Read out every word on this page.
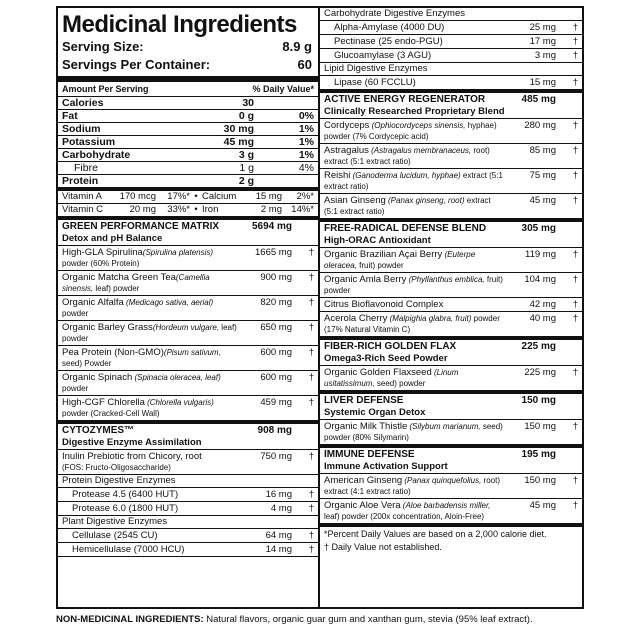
Medicinal Ingredients
Serving Size:	8.9 g
Servings Per Container:	60
Amount Per Serving	% Daily Value*
Calories	30
Fat	0 g	0%
Sodium	30 mg	1%
Potassium	45 mg	1%
Carbohydrate	3 g	1%
Fibre	1 g	4%
Protein	2 g
Vitamin A	170 mcg	17%* • Calcium	15 mg	2%*
Vitamin C	20 mg	33%* • Iron	2 mg 14%*
GREEN PERFORMANCE MATRIX	5694 mg
Detox and pH Balance
High-GLA Spirulina(Spirulina platensis) powder (60% Protein)
1665 mg	†
Organic Matcha Green Tea(Camellia sinensis, leaf) powder
900 mg	†
Organic Alfalfa (Medicago sativa, aerial) powder
820 mg	†
Organic Barley Grass(Hordeum vulgare, leaf) powder
650 mg	†
Pea Protein (Non-GMO)(Pisum sativum, seed) Powder
600 mg	†
Organic Spinach (Spinacia oleracea, leaf) powder
600 mg	†
High-CGF Chlorella (Chlorella vulgaris) powder (Cracked-Cell Wall)
459 mg	†
CYTOZYMES™	908 mg
Digestive Enzyme Assimilation
Inulin Prebiotic from Chicory, root
(FOS: Fructo-Oligosaccharide)
750 mg	†
Protein Digestive Enzymes
Protease 4.5 (6400 HUT)	16 mg	†
Protease 6.0 (1800 HUT)	4 mg	†
Plant Digestive Enzymes
Cellulase (2545 CU)	64 mg	†
Hemicellulase (7000 HCU)	14 mg	†
Carbohydrate Digestive Enzymes
Alpha-Amylase (4000 DU)	25 mg	†
Pectinase (25 endo-PGU)	17 mg	†
Glucoamylase (3 AGU)	3 mg	†
Lipid Digestive Enzymes
Lipase (60 FCCLU)	15 mg	†
ACTIVE ENERGY REGENERATOR	485 mg
Clinically Researched Proprietary Blend
Cordyceps (Ophiocordyceps sinensis, hyphae) powder (7% Cordycepic acid)
280 mg	†
Astragalus (Astragalus membranaceus, root) extract (5:1 extract ratio)
85 mg	†
Reishi (Ganoderma lucidum, hyphae) extract (5:1 extract ratio)
75 mg	†
Asian Ginseng (Panax ginseng, root) extract (5:1 extract ratio)
45 mg	†
FREE-RADICAL DEFENSE BLEND	305 mg
High-ORAC Antioxidant
Organic Brazilian Açai Berry (Euterpe oleracea, fruit) powder
119 mg	†
Organic Amla Berry (Phyllanthus emblica, fruit) powder
104 mg	†
Citrus Bioflavonoid Complex	42 mg	†
Acerola Cherry (Malpighia glabra, fruit) powder (17% Natural Vitamin C)
40 mg	†
FIBER-RICH GOLDEN FLAX	225 mg
Omega3-Rich Seed Powder
Organic Golden Flaxseed (Linum usitatissimum, seed) powder
225 mg	†
LIVER DEFENSE	150 mg
Systemic Organ Detox
Organic Milk Thistle (Silybum marianum, seed) powder (80% Silymarin)
150 mg	†
IMMUNE DEFENSE	195 mg
Immune Activation Support
American Ginseng (Panax quinquefolius, root) extract (4:1 extract ratio)
150 mg	†
Organic Aloe Vera (Aloe barbadensis miller, leaf) powder (200x concentration, Aloin-Free)
45 mg	†
*Percent Daily Values are based on a 2,000 calorie diet.
† Daily Value not established.
NON-MEDICINAL INGREDIENTS: Natural flavors, organic guar gum and xanthan gum, stevia (95% leaf extract).
